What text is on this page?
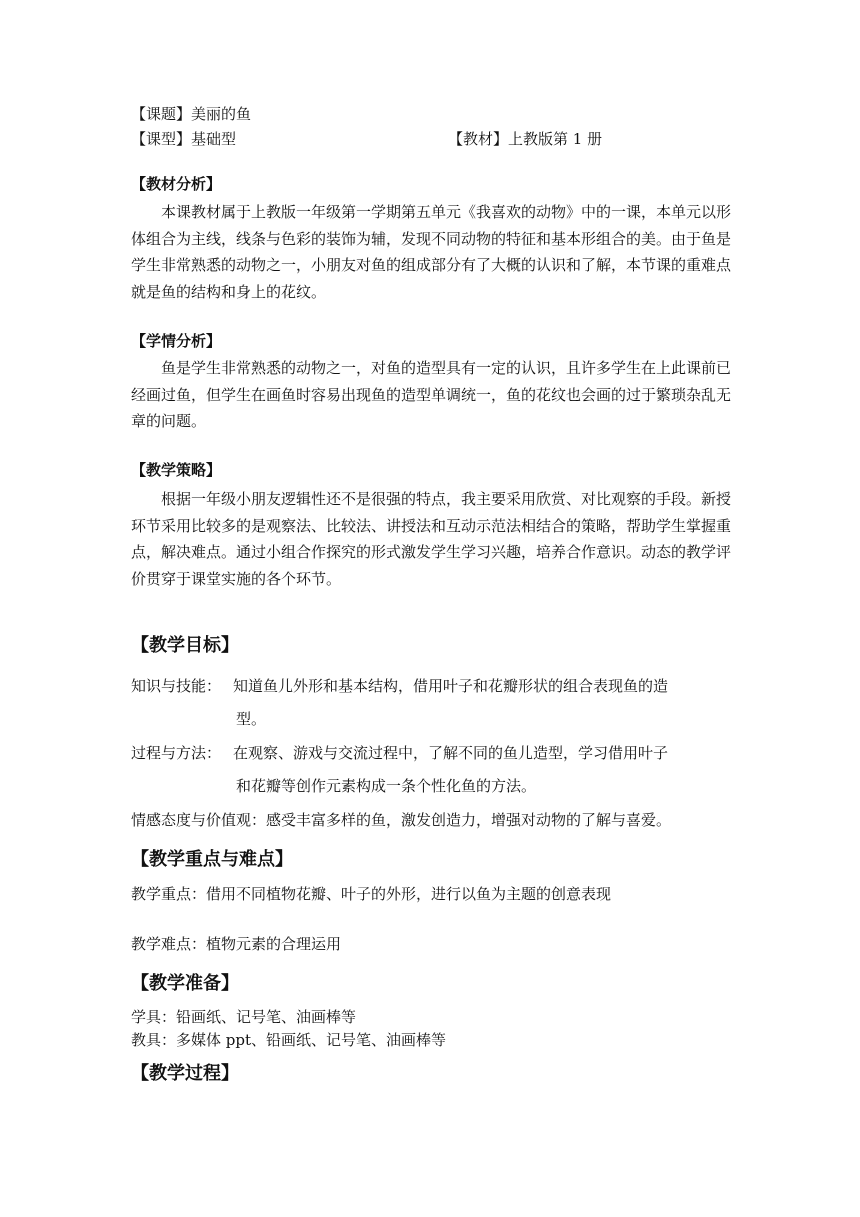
【课题】美丽的鱼
【课型】基础型	【教材】上教版第 1 册
【教材分析】
本课教材属于上教版一年级第一学期第五单元《我喜欢的动物》中的一课，本单元以形体组合为主线，线条与色彩的装饰为辅，发现不同动物的特征和基本形组合的美。由于鱼是学生非常熟悉的动物之一，小朋友对鱼的组成部分有了大概的认识和了解，本节课的重难点就是鱼的结构和身上的花纹。
【学情分析】
鱼是学生非常熟悉的动物之一，对鱼的造型具有一定的认识，且许多学生在上此课前已经画过鱼，但学生在画鱼时容易出现鱼的造型单调统一，鱼的花纹也会画的过于繁琐杂乱无章的问题。
【教学策略】
根据一年级小朋友逻辑性还不是很强的特点，我主要采用欣赏、对比观察的手段。新授环节采用比较多的是观察法、比较法、讲授法和互动示范法相结合的策略，帮助学生掌握重点，解决难点。通过小组合作探究的形式激发学生学习兴趣，培养合作意识。动态的教学评价贯穿于课堂实施的各个环节。
【教学目标】
知识与技能： 知道鱼儿外形和基本结构，借用叶子和花瓣形状的组合表现鱼的造
型。
过程与方法： 在观察、游戏与交流过程中，了解不同的鱼儿造型，学习借用叶子
和花瓣等创作元素构成一条个性化鱼的方法。
情感态度与价值观：感受丰富多样的鱼，激发创造力，增强对动物的了解与喜爱。
【教学重点与难点】
教学重点：借用不同植物花瓣、叶子的外形，进行以鱼为主题的创意表现
教学难点：植物元素的合理运用
【教学准备】
学具：铅画纸、记号笔、油画棒等
教具：多媒体 ppt、铅画纸、记号笔、油画棒等
【教学过程】
